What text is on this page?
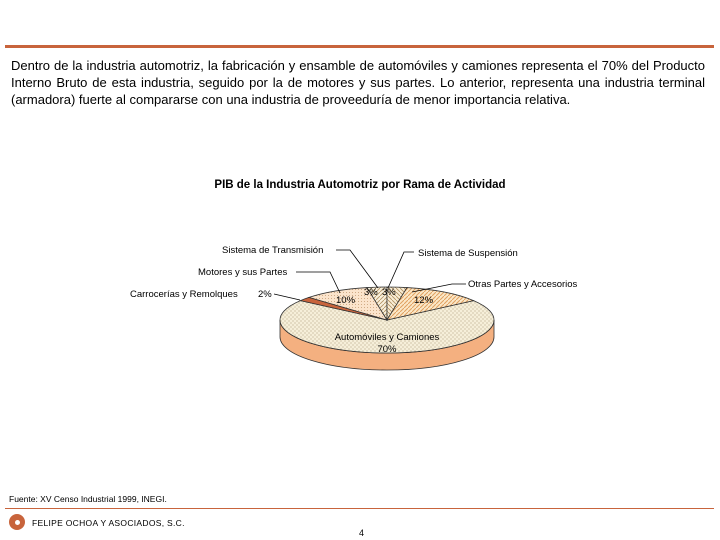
Dentro de la industria automotriz, la fabricación y ensamble de automóviles y camiones representa el 70% del Producto Interno Bruto de esta industria, seguido por la de motores y sus partes. Lo anterior, representa una industria terminal (armadora) fuerte al compararse con una industria de proveeduría de menor importancia relativa.

PIB de la Industria Automotriz por Rama de Actividad
Sistema de Transmisión	Sistema de Suspensión
Motores y sus Partes
Carrocerías y Remolques
Otras Partes y Accesorios
Automóviles y Camiones
2%
10%
3% 3%
12%
70%
Fuente: XV Censo Industrial 1999, INEGI.
FELIPE OCHOA Y ASOCIADOS, S.C.
4
